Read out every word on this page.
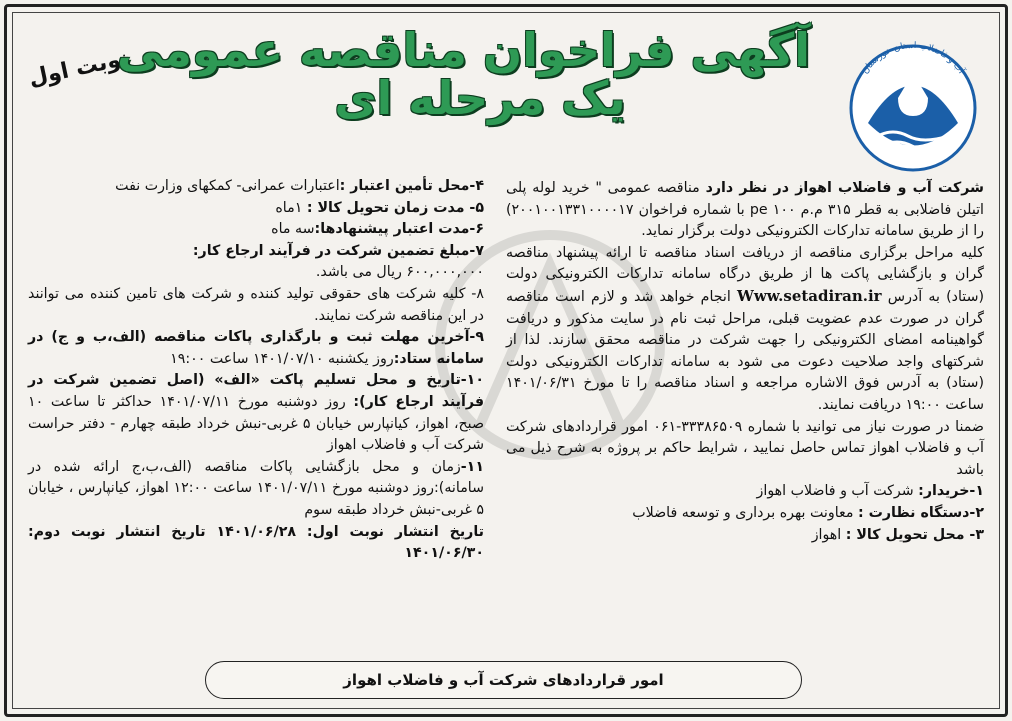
نوبت اول
آگهی فراخوان مناقصه عمومی
یک مرحله ای
آب و فاضلاب استان خوزستان

شرکت آب و فاضلاب اهواز در نظر دارد مناقصه عمومی " خرید لوله پلی اتیلن فاضلابی به قطر ۳۱۵ م.م ۱۰۰ pe با شماره فراخوان ۲۰۰۱۰۰۱۳۳۱۰۰۰۰۱۷) را از طریق سامانه تدارکات الکترونیکی دولت برگزار نماید.

کلیه مراحل برگزاری مناقصه از دریافت اسناد مناقصه تا ارائه پیشنهاد مناقصه گران و بازگشایی پاکت ها از طریق درگاه سامانه تدارکات الکترونیکی دولت (ستاد) به آدرس Www.setadiran.ir انجام خواهد شد و لازم است مناقصه گران در صورت عدم عضویت قبلی، مراحل ثبت نام در سایت مذکور و دریافت گواهینامه امضای الکترونیکی را جهت شرکت در مناقصه محقق سازند. لذا از شرکتهای واجد صلاحیت دعوت می شود به سامانه تدارکات الکترونیکی دولت (ستاد) به آدرس فوق الاشاره مراجعه و اسناد مناقصه را تا مورخ ۱۴۰۱/۰۶/۳۱ ساعت ۱۹:۰۰ دریافت نمایند.

ضمنا در صورت نیاز می توانید با شماره ۳۳۳۸۶۵۰۹-۰۶۱ امور قراردادهای شرکت آب و فاضلاب اهواز تماس حاصل نمایید ، شرایط حاکم بر پروژه به شرح ذیل می باشد

۱-خریدار: شرکت آب و فاضلاب اهواز

۲-دستگاه نظارت : معاونت بهره برداری و توسعه فاضلاب

۳- محل تحویل کالا : اهواز

۴-محل تأمین اعتبار :اعتبارات عمرانی- کمکهای وزارت نفت

۵- مدت زمان تحویل کالا : ۱ماه

۶-مدت اعتبار پیشنهادها:سه ماه

۷-مبلغ تضمین شرکت در فرآیند ارجاع کار:
۶۰۰,۰۰۰,۰۰۰ ریال می باشد.

۸- کلیه شرکت های حقوقی تولید کننده و شرکت های تامین کننده می توانند در این مناقصه شرکت نمایند.

۹-آخرین مهلت ثبت و بارگذاری پاکات مناقصه (الف،ب و ج) در سامانه ستاد:روز یکشنبه ۱۴۰۱/۰۷/۱۰ ساعت ۱۹:۰۰

۱۰-تاریخ و محل تسلیم پاکت «الف» (اصل تضمین شرکت در فرآیند ارجاع کار): روز دوشنبه مورخ ۱۴۰۱/۰۷/۱۱ حداکثر تا ساعت ۱۰ صبح، اهواز، کیانپارس خیابان ۵ غربی-نبش خرداد طبقه چهارم - دفتر حراست شرکت آب و فاضلاب اهواز

۱۱-زمان و محل بازگشایی پاکات مناقصه (الف،ب،ج ارائه شده در سامانه):روز دوشنبه مورخ ۱۴۰۱/۰۷/۱۱ ساعت ۱۲:۰۰ اهواز، کیانپارس ، خیابان ۵ غربی-نبش خرداد طبقه سوم

تاریخ انتشار نوبت اول: ۱۴۰۱/۰۶/۲۸ تاریخ انتشار نوبت دوم: ۱۴۰۱/۰۶/۳۰

امور قراردادهای شرکت آب و فاضلاب اهواز
